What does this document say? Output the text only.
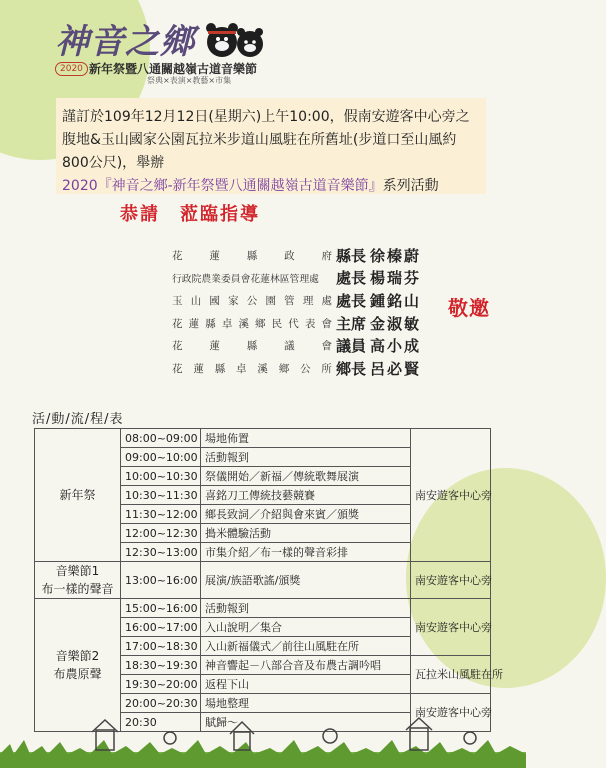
神音之鄉
2020 新年祭暨八通關越嶺古道音樂節
祭典×表演×教藝×市集
謹訂於109年12月12日(星期六)上午10:00，假南安遊客中心旁之腹地&玉山國家公園瓦拉米步道山風駐在所舊址(步道口至山風約800公尺)，舉辦2020『神音之鄉-新年祭暨八通關越嶺古道音樂節』系列活動
恭請　蒞臨指導
花	蓮	縣	政	府 縣長 徐榛蔚
行政院農業委員會花蓮林區管理處	處長 楊瑞芬
玉 山 國 家 公 園 管 理 處 處長 鍾銘山
花 蓮 縣 卓 溪 鄉 民 代 表 會 主席 金淑敏
花	蓮	縣	議	會 議員 高小成
花 蓮 縣 卓 溪 鄉 公 所 鄉長 呂必賢
敬邀
活/動/流/程/表
新年祭	08:00~09:00	場地佈置	南安遊客中心旁
	09:00~10:00	活動報到	
	10:00~10:30	祭儀開始／新福／傳統歌舞展演	
	10:30~11:30	喜銘刀工傳統技藝競賽	
	11:30~12:00	鄉長致詞／介紹與會來賓／頒獎	
	12:00~12:30	搗米體驗活動	
	12:30~13:00	市集介紹／布一樣的聲音彩排	

音樂節1
布一樣的聲音	13:00~16:00	展演/族語歌謠/頒獎	南安遊客中心旁

音樂節2
布農原聲	15:00~16:00	活動報到	南安遊客中心旁
	16:00~17:00	入山說明／集合	
	17:00~18:30	入山新福儀式／前往山風駐在所	
	18:30~19:30	神音響起－八部合音及布農古調吟唱	瓦拉米山風駐在所
	19:30~20:00	返程下山	
	20:00~20:30	場地整理	南安遊客中心旁
	20:30	賦歸～	
